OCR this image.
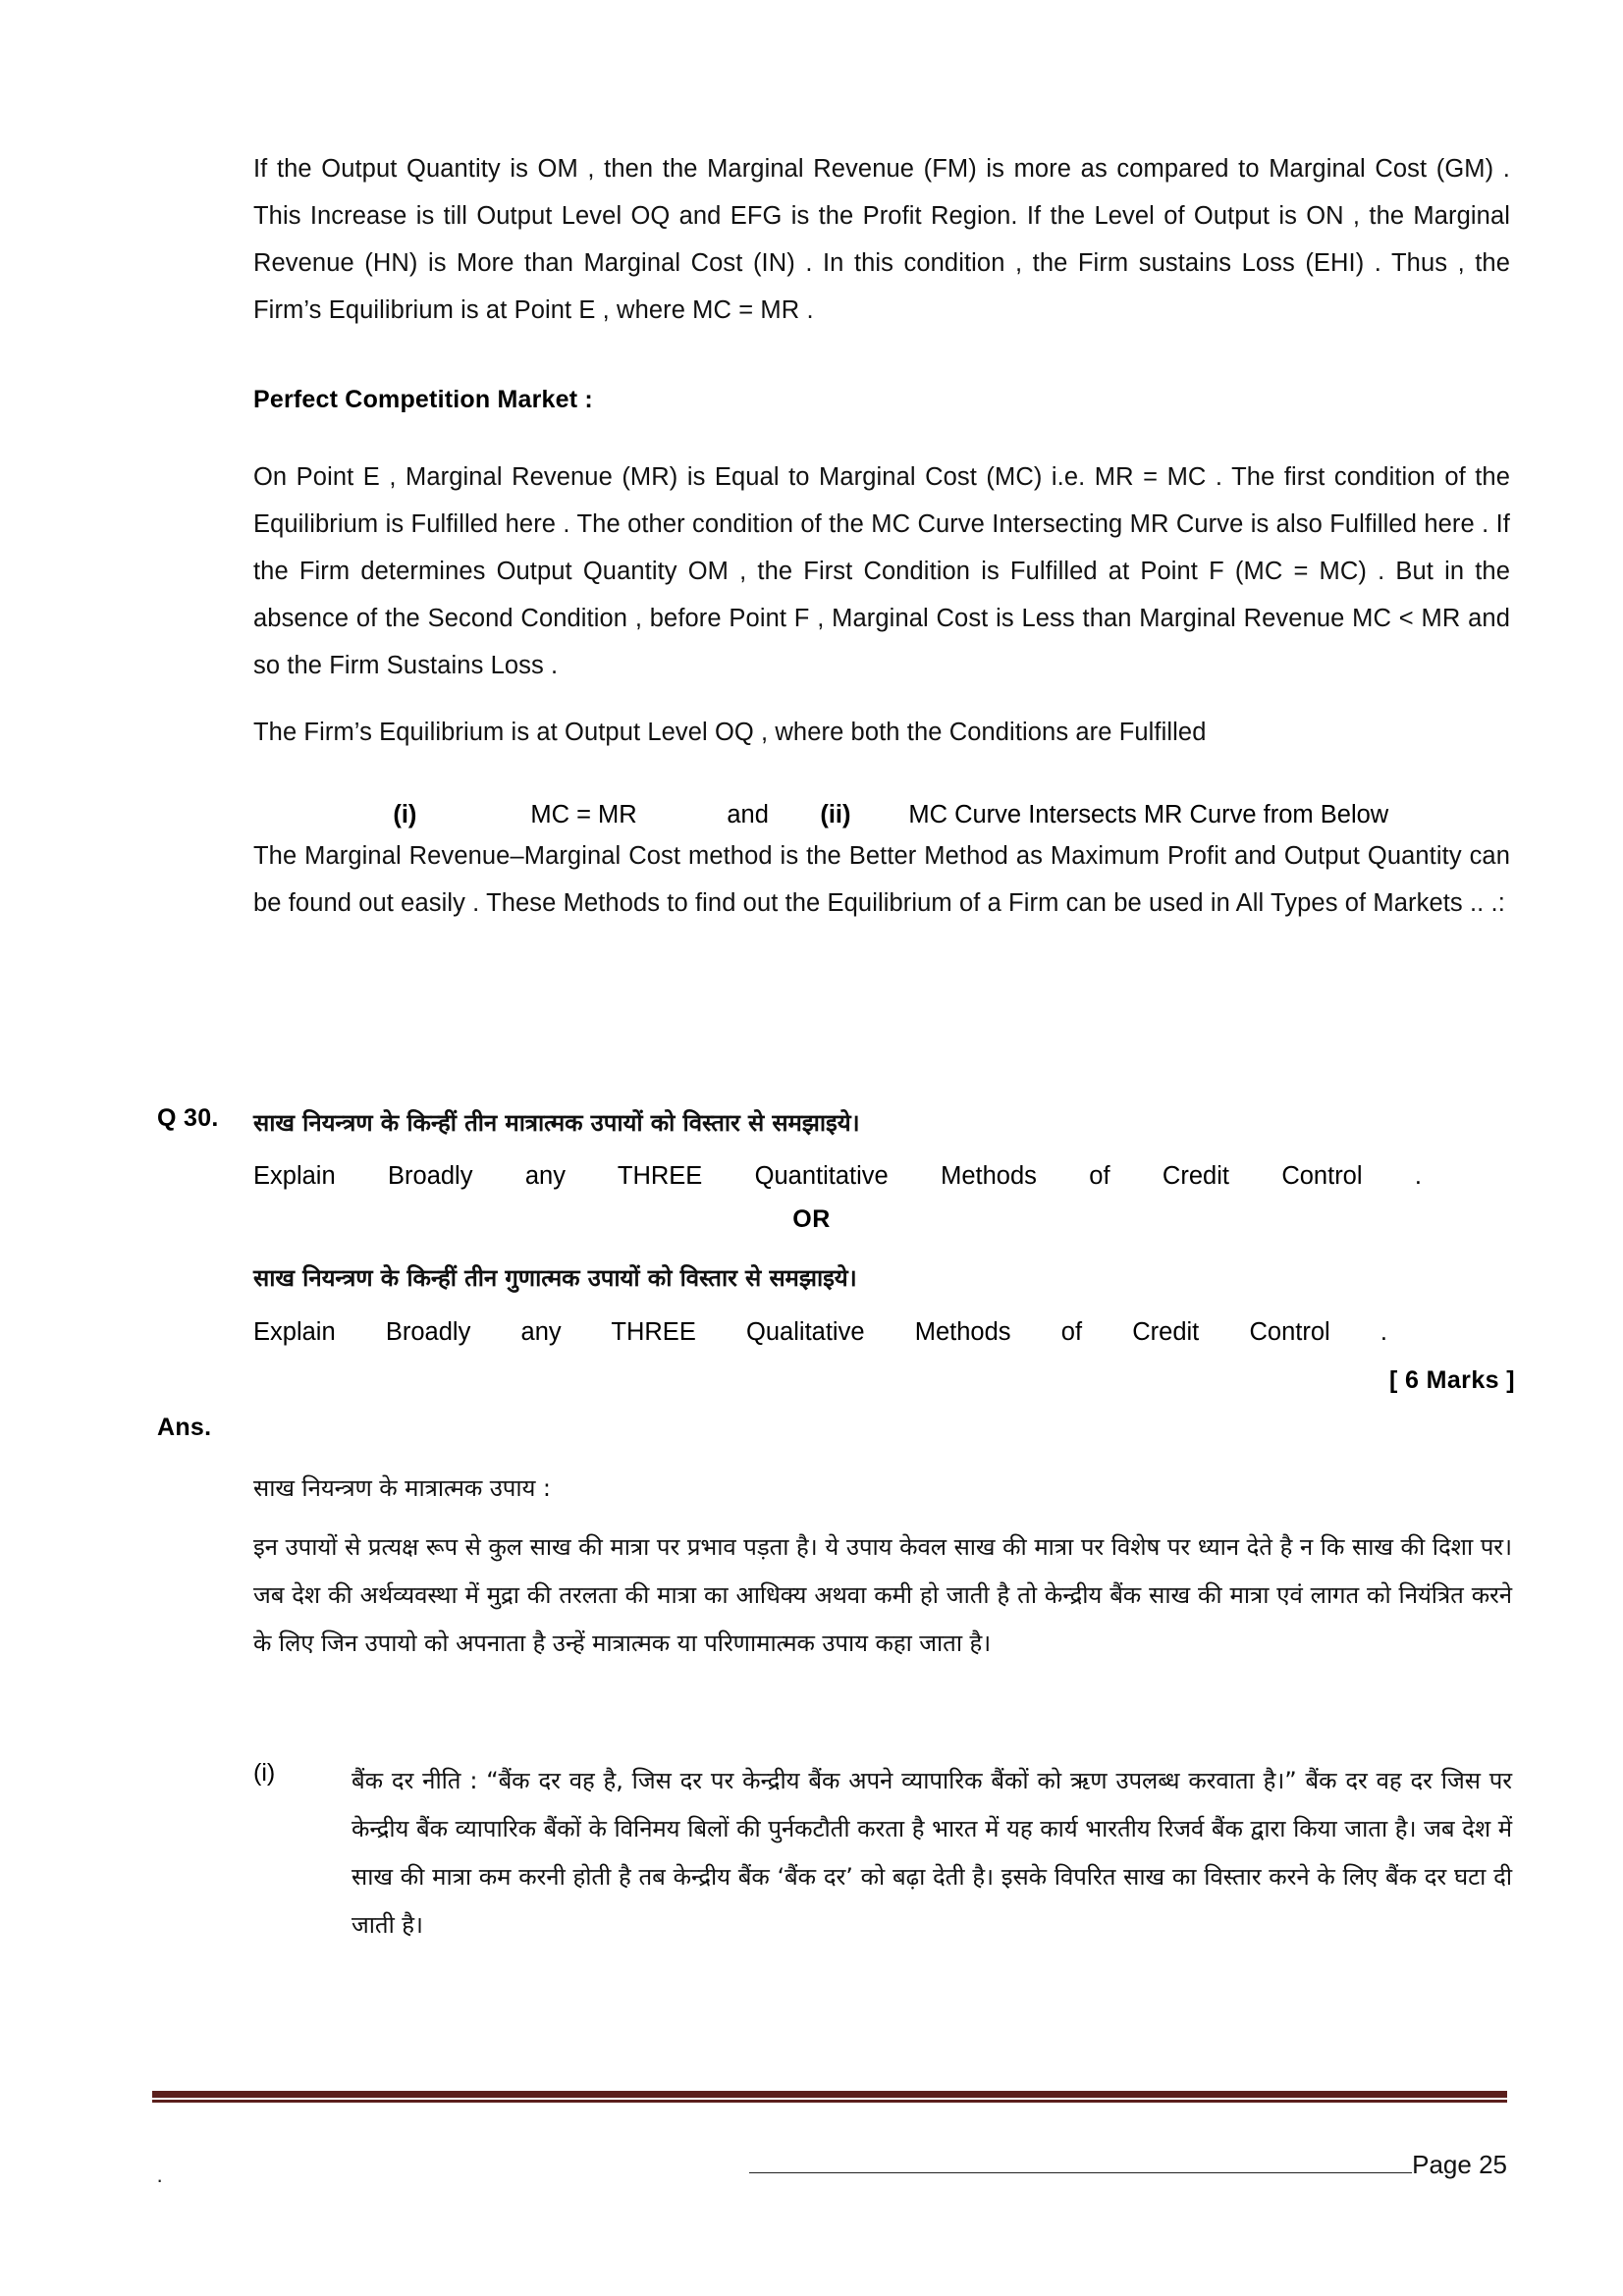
If the Output Quantity is OM , then the Marginal Revenue (FM) is more as compared to Marginal Cost (GM) . This Increase is till Output Level OQ and EFG is the Profit Region. If the Level of Output is ON , the Marginal Revenue (HN) is More than Marginal Cost (IN) . In this condition , the Firm sustains Loss (EHI) . Thus , the Firm’s Equilibrium is at Point E , where MC = MR .
Perfect Competition Market :
On Point E , Marginal Revenue (MR) is Equal to Marginal Cost (MC) i.e. MR = MC . The first condition of the Equilibrium is Fulfilled here . The other condition of the MC Curve Intersecting MR Curve is also Fulfilled here . If the Firm determines Output Quantity OM , the First Condition is Fulfilled at Point F (MC = MC) . But in the absence of the Second Condition , before Point F , Marginal Cost is Less than Marginal Revenue MC < MR and so the Firm Sustains Loss .
The Firm’s Equilibrium is at Output Level OQ , where both the Conditions are Fulfilled

(i)	MC = MR	and (ii) MC Curve Intersects MR Curve from Below

The Marginal Revenue–Marginal Cost method is the Better Method as Maximum Profit and Output Quantity can be found out easily . These Methods to find out the Equilibrium of a Firm can be used in All Types of Markets .. .:
Q 30. साख नियन्त्रण के किन्हीं तीन मात्रात्मक उपायों को विस्तार से समझाइये।
Explain Broadly any THREE Quantitative Methods of Credit Control .
OR
साख नियन्त्रण के किन्हीं तीन गुणात्मक उपायों को विस्तार से समझाइये।
Explain Broadly any THREE Qualitative Methods of Credit Control .
[ 6 Marks ]
Ans.
साख नियन्त्रण के मात्रात्मक उपाय :
इन उपायों से प्रत्यक्ष रूप से कुल साख की मात्रा पर प्रभाव पड़ता है। ये उपाय केवल साख की मात्रा पर विशेष पर ध्यान देते है न कि साख की दिशा पर। जब देश की अर्थव्यवस्था में मुद्रा की तरलता की मात्रा का आधिक्य अथवा कमी हो जाती है तो केन्द्रीय बैंक साख की मात्रा एवं लागत को नियंत्रित करने के लिए जिन उपायो को अपनाता है उन्हें मात्रात्मक या परिणामात्मक उपाय कहा जाता है।
(i)	बैंक दर नीति : “बैंक दर वह है, जिस दर पर केन्द्रीय बैंक अपने व्यापारिक बैंकों को ऋण उपलब्ध करवाता है।” बैंक दर वह दर जिस पर केन्द्रीय बैंक व्यापारिक बैंकों के विनिमय बिलों की पुर्नकटौती करता है भारत में यह कार्य भारतीय रिजर्व बैंक द्वारा किया जाता है। जब देश में साख की मात्रा कम करनी होती है तब केन्द्रीय बैंक ‘बैंक दर’ को बढ़ा देती है। इसके विपरित साख का विस्तार करने के लिए बैंक दर घटा दी जाती है।
·
Page 25
